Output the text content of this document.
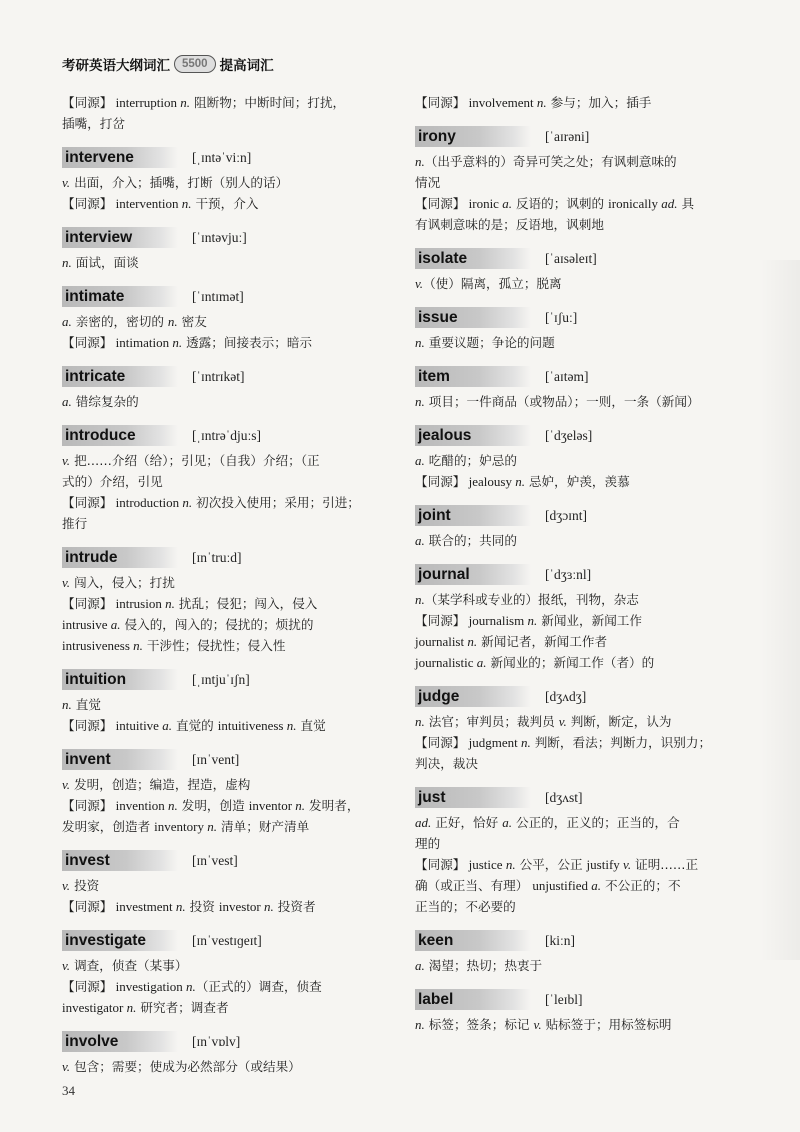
考研英语大纲词汇	5500 提高词汇
【同源】 interruption n. 阻断物；中断时间；打扰，
插嘴，打岔
intervene	[ˌɪntəˈviːn]
v. 出面，介入；插嘴，打断（别人的话）
【同源】 intervention n. 干预，介入
interview	[ˈɪntəvjuː]
n. 面试，面谈
intimate	[ˈɪntɪmət]
a. 亲密的，密切的 n. 密友
【同源】 intimation n. 透露；间接表示；暗示
intricate	[ˈɪntrɪkət]
a. 错综复杂的
introduce	[ˌɪntrəˈdjuːs]
v. 把……介绍（给）；引见；（自我）介绍；（正
式的）介绍，引见
【同源】 introduction n. 初次投入使用；采用；引进；
推行
intrude	[ɪnˈtruːd]
v. 闯入，侵入；打扰
【同源】 intrusion n. 扰乱；侵犯；闯入，侵入
intrusive a. 侵入的，闯入的；侵扰的；烦扰的
intrusiveness n. 干涉性；侵扰性；侵入性
intuition	[ˌɪntjuˈɪʃn]
n. 直觉
【同源】 intuitive a. 直觉的 intuitiveness n. 直觉
invent	[ɪnˈvent]
v. 发明，创造；编造，捏造，虚构
【同源】 invention n. 发明，创造 inventor n. 发明者，
发明家，创造者 inventory n. 清单；财产清单
invest	[ɪnˈvest]
v. 投资
【同源】 investment n. 投资 investor n. 投资者
investigate	[ɪnˈvestɪɡeɪt]
v. 调查，侦查（某事）
【同源】 investigation n.（正式的）调查，侦查
investigator n. 研究者；调查者
involve	[ɪnˈvɒlv]
v. 包含；需要；使成为必然部分（或结果）
【同源】 involvement n. 参与；加入；插手
irony	[ˈaɪrəni]
n.（出乎意料的）奇异可笑之处；有讽刺意味的
情况
【同源】 ironic a. 反语的；讽刺的 ironically ad. 具
有讽刺意味的是；反语地，讽刺地
isolate	[ˈaɪsəleɪt]
v.（使）隔离，孤立；脱离
issue	[ˈɪʃuː]
n. 重要议题；争论的问题
item	[ˈaɪtəm]
n. 项目；一件商品（或物品）；一则，一条（新闻）
jealous	[ˈdʒeləs]
a. 吃醋的；妒忌的
【同源】 jealousy n. 忌妒，妒羡，羡慕
joint	[dʒɔɪnt]
a. 联合的；共同的
journal	[ˈdʒɜːnl]
n.（某学科或专业的）报纸，刊物，杂志
【同源】 journalism n. 新闻业，新闻工作
journalist n. 新闻记者，新闻工作者
journalistic a. 新闻业的；新闻工作（者）的
judge	[dʒʌdʒ]
n. 法官；审判员；裁判员 v. 判断，断定，认为
【同源】 judgment n. 判断，看法；判断力，识别力；
判决，裁决
just	[dʒʌst]
ad. 正好，恰好 a. 公正的，正义的；正当的，合
理的
【同源】 justice n. 公平，公正 justify v. 证明……正
确（或正当、有理） unjustified a. 不公正的；不
正当的；不必要的
keen	[kiːn]
a. 渴望；热切；热衷于
label	[ˈleɪbl]
n. 标签；签条；标记 v. 贴标签于；用标签标明
34
